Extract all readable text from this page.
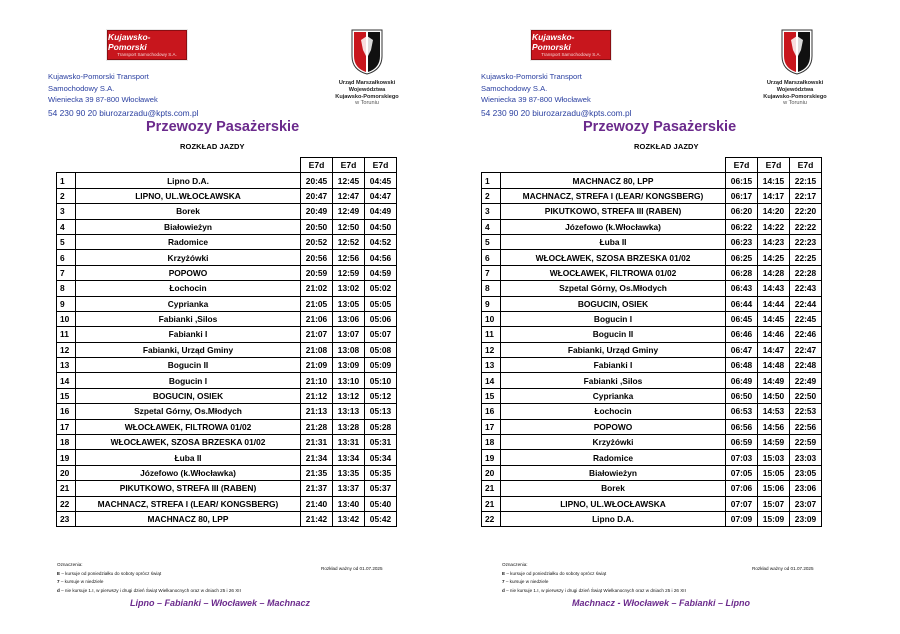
Kujawsko-Pomorski
Transport Samochodowy S.A.
Kujawsko-Pomorski Transport
Samochodowy S.A.
Wieniecka 39 87-800 Włocławek
54 230 90 20 biurozarzadu@kpts.com.pl
Urząd Marszałkowski
Województwa
Kujawsko-Pomorskiego
w Toruniu
Przewozy Pasażerskie
ROZKŁAD JAZDY
		E7d	E7d	E7d
1	Lipno D.A.	20:45	12:45	04:45
2	LIPNO, UL.WŁOCŁAWSKA	20:47	12:47	04:47
3	Borek	20:49	12:49	04:49
4	Białowieżyn	20:50	12:50	04:50
5	Radomice	20:52	12:52	04:52
6	Krzyżówki	20:56	12:56	04:56
7	POPOWO	20:59	12:59	04:59
8	Łochocin	21:02	13:02	05:02
9	Cyprianka	21:05	13:05	05:05
10	Fabianki ,Silos	21:06	13:06	05:06
11	Fabianki I	21:07	13:07	05:07
12	Fabianki, Urząd Gminy	21:08	13:08	05:08
13	Bogucin II	21:09	13:09	05:09
14	Bogucin I	21:10	13:10	05:10
15	BOGUCIN, OSIEK	21:12	13:12	05:12
16	Szpetal Górny, Os.Młodych	21:13	13:13	05:13
17	WŁOCŁAWEK, FILTROWA 01/02	21:28	13:28	05:28
18	WŁOCŁAWEK, SZOSA BRZESKA 01/02	21:31	13:31	05:31
19	Łuba II	21:34	13:34	05:34
20	Józefowo (k.Włocławka)	21:35	13:35	05:35
21	PIKUTKOWO, STREFA III (RABEN)	21:37	13:37	05:37
22	MACHNACZ, STREFA I (LEAR/ KONGSBERG)	21:40	13:40	05:40
23	MACHNACZ 80, LPP	21:42	13:42	05:42
Oznaczenia:
E – kursuje od poniedziałku do soboty oprócz świąt
7 – kursuje w niedziele
d – nie kursuje 1.I, w pierwszy i drugi dzień Świąt Wielkanocnych oraz w dniach 25 i 26 XII
Rozkład ważny od 01.07.2025
Lipno – Fabianki – Włocławek – Machnacz
Kujawsko-Pomorski
Transport Samochodowy S.A.
Kujawsko-Pomorski Transport
Samochodowy S.A.
Wieniecka 39 87-800 Włocławek
54 230 90 20 biurozarzadu@kpts.com.pl
Urząd Marszałkowski
Województwa
Kujawsko-Pomorskiego
w Toruniu
Przewozy Pasażerskie
ROZKŁAD JAZDY
		E7d	E7d	E7d
1	MACHNACZ 80, LPP	06:15	14:15	22:15
2	MACHNACZ, STREFA I (LEAR/ KONGSBERG)	06:17	14:17	22:17
3	PIKUTKOWO, STREFA III (RABEN)	06:20	14:20	22:20
4	Józefowo (k.Włocławka)	06:22	14:22	22:22
5	Łuba II	06:23	14:23	22:23
6	WŁOCŁAWEK, SZOSA BRZESKA 01/02	06:25	14:25	22:25
7	WŁOCŁAWEK, FILTROWA 01/02	06:28	14:28	22:28
8	Szpetal Górny, Os.Młodych	06:43	14:43	22:43
9	BOGUCIN, OSIEK	06:44	14:44	22:44
10	Bogucin I	06:45	14:45	22:45
11	Bogucin II	06:46	14:46	22:46
12	Fabianki, Urząd Gminy	06:47	14:47	22:47
13	Fabianki I	06:48	14:48	22:48
14	Fabianki ,Silos	06:49	14:49	22:49
15	Cyprianka	06:50	14:50	22:50
16	Łochocin	06:53	14:53	22:53
17	POPOWO	06:56	14:56	22:56
18	Krzyżówki	06:59	14:59	22:59
19	Radomice	07:03	15:03	23:03
20	Białowieżyn	07:05	15:05	23:05
21	Borek	07:06	15:06	23:06
21	LIPNO, UL.WŁOCŁAWSKA	07:07	15:07	23:07
22	Lipno D.A.	07:09	15:09	23:09
Oznaczenia:
E – kursuje od poniedziałku do soboty oprócz świąt
7 – kursuje w niedziele
d – nie kursuje 1.I, w pierwszy i drugi dzień Świąt Wielkanocnych oraz w dniach 25 i 26 XII
Rozkład ważny od 01.07.2025
Machnacz - Włocławek – Fabianki – Lipno
